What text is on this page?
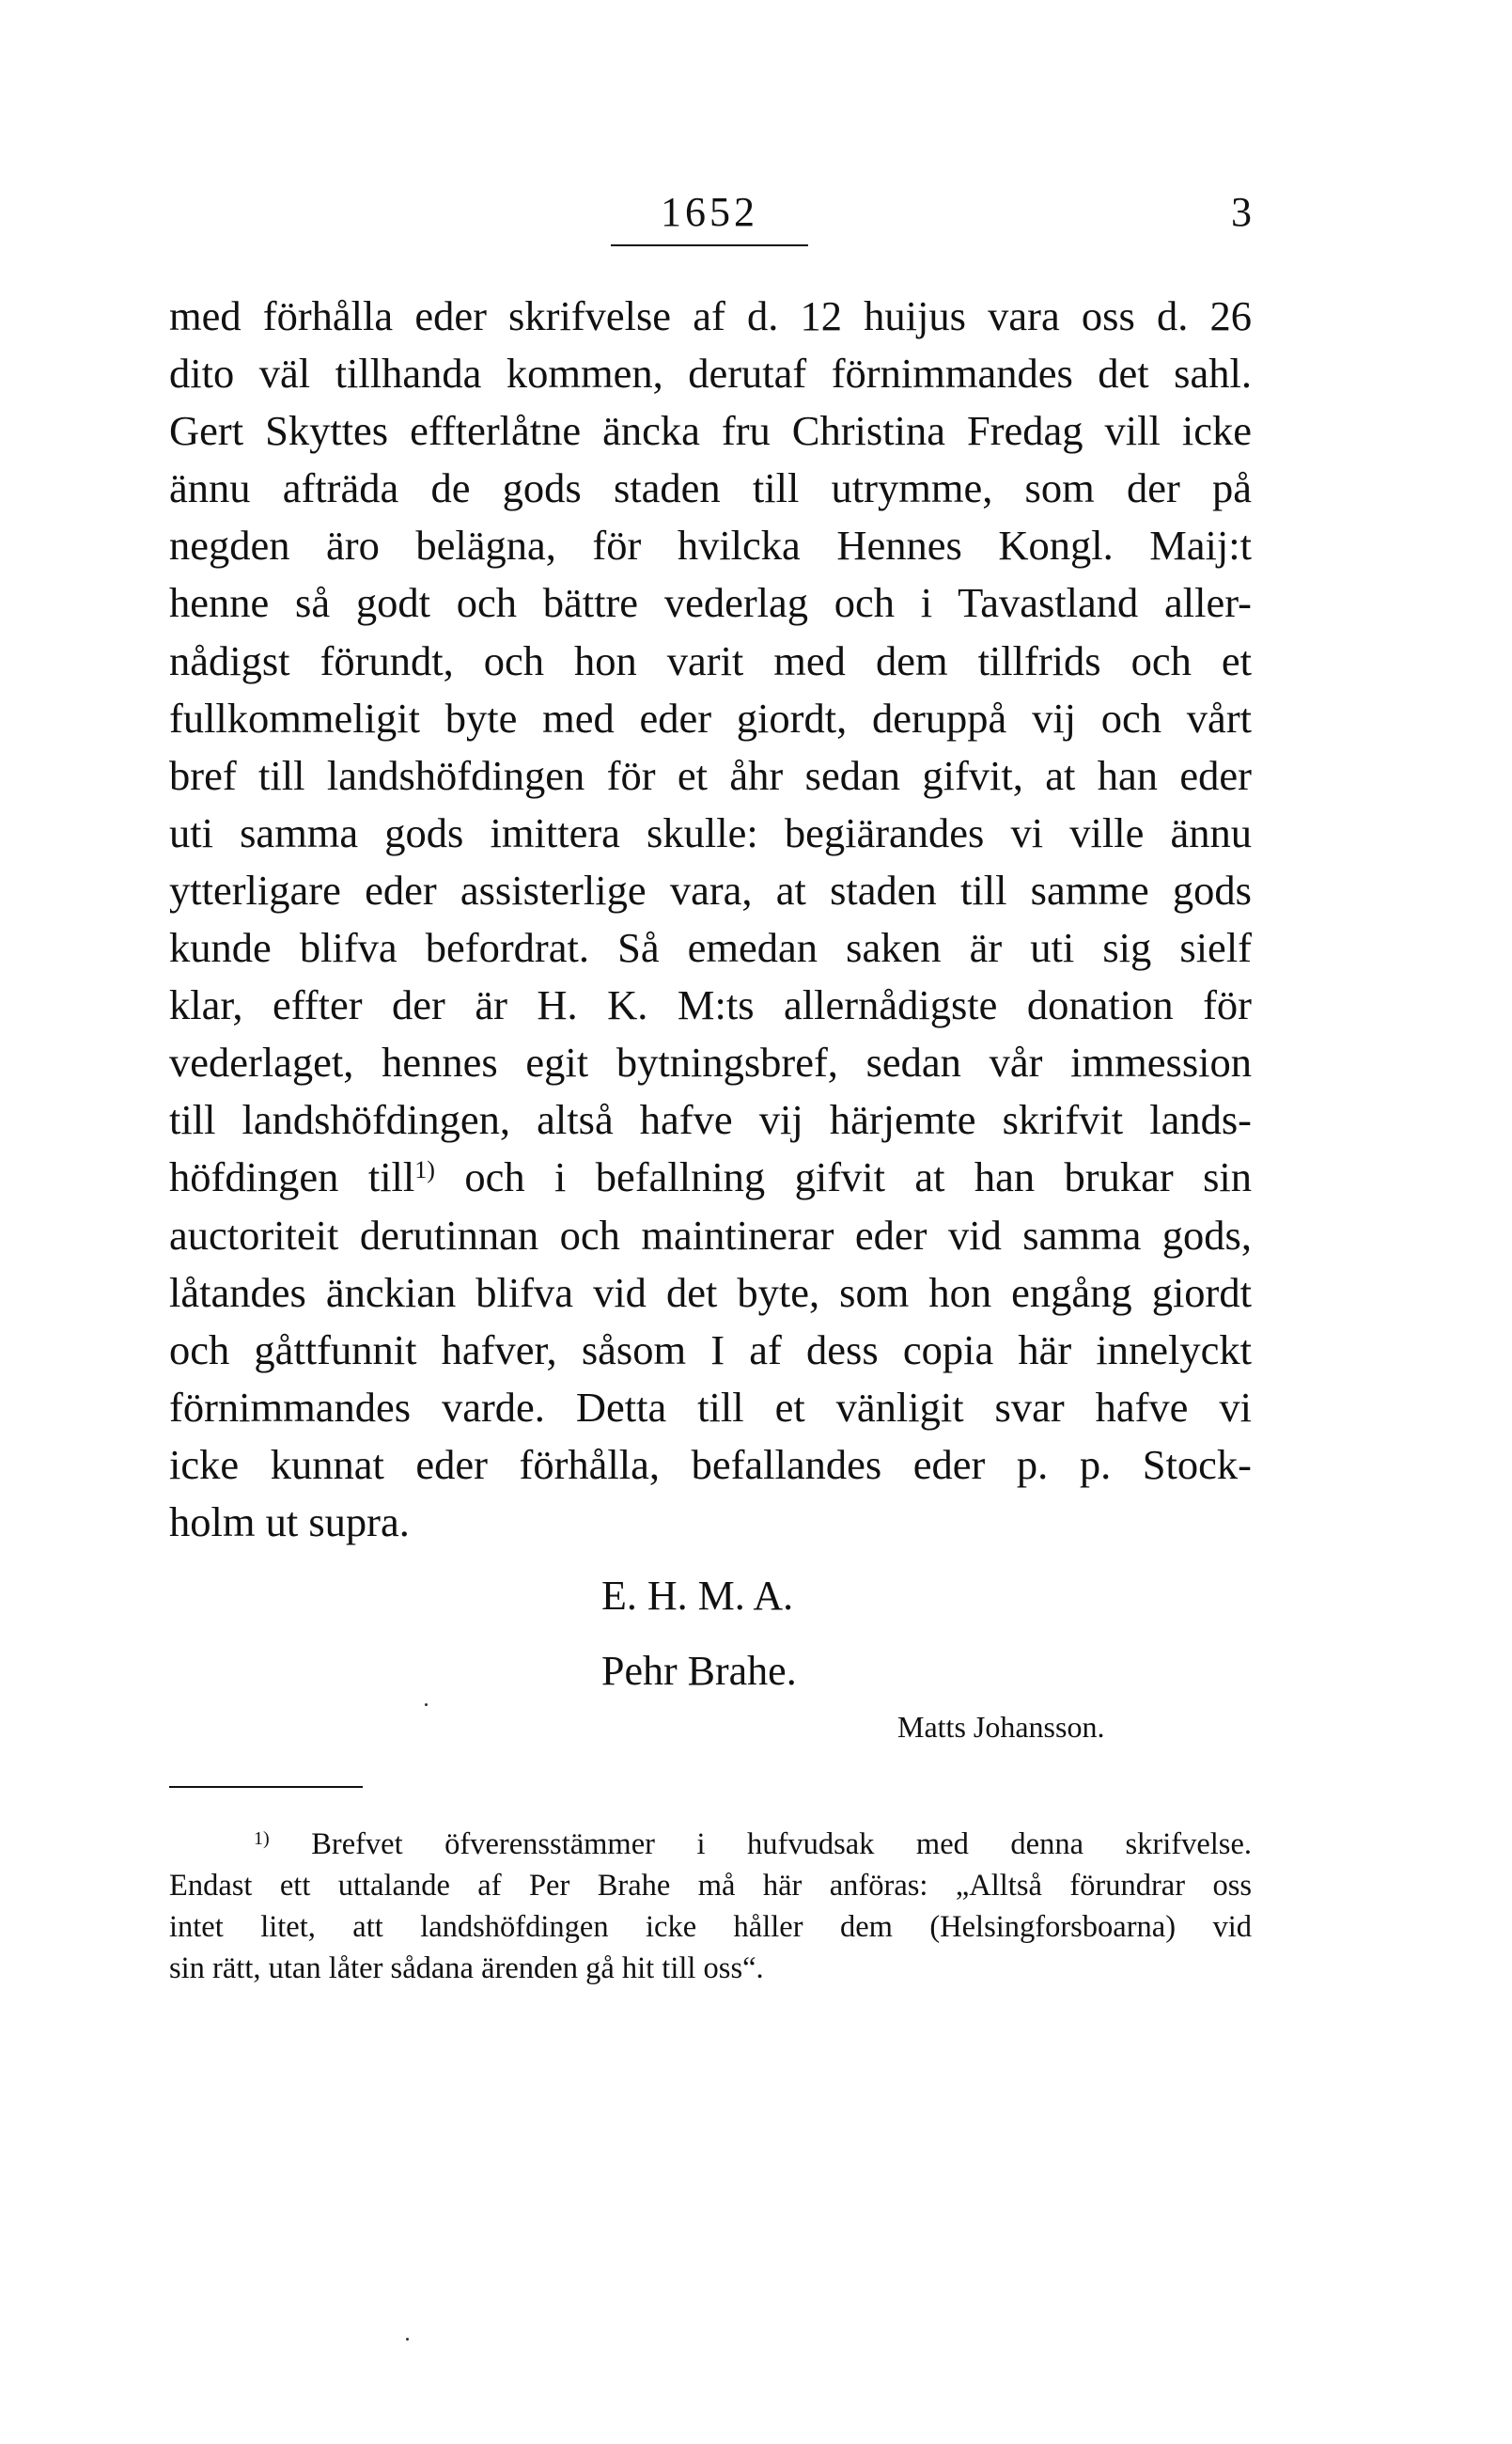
1652	3
med förhålla eder skrifvelse af d. 12 huijus vara oss d. 26
dito väl tillhanda kommen, derutaf förnimmandes det sahl.
Gert Skyttes effterlåtne äncka fru Christina Fredag vill icke
ännu afträda de gods staden till utrymme, som der på
negden äro belägna, för hvilcka Hennes Kongl. Maij:t
henne så godt och bättre vederlag och i Tavastland aller-
nådigst förundt, och hon varit med dem tillfrids och et
fullkommeligit byte med eder giordt, deruppå vij och vårt
bref till landshöfdingen för et åhr sedan gifvit, at han eder
uti samma gods imittera skulle: begiärandes vi ville ännu
ytterligare eder assisterlige vara, at staden till samme gods
kunde blifva befordrat. Så emedan saken är uti sig sielf
klar, effter der är H. K. M:ts allernådigste donation för
vederlaget, hennes egit bytningsbref, sedan vår immession
till landshöfdingen, altså hafve vij härjemte skrifvit lands-
höfdingen till$^{1)}$ och i befallning gifvit at han brukar sin
auctoriteit derutinnan och maintinerar eder vid samma gods,
låtandes änckian blifva vid det byte, som hon engång giordt
och gåttfunnit hafver, såsom I af dess copia här innelyckt
förnimmandes varde. Detta till et vänligit svar hafve vi
icke kunnat eder förhålla, befallandes eder p. p. Stock-
holm ut supra.
E. H. M. A.
Pehr Brahe.
Matts Johansson.
$^{1)}$ Brefvet öfverensstämmer i hufvudsak med denna skrifvelse.
Endast ett uttalande af Per Brahe må här anföras: „Alltså förundrar oss
intet litet, att landshöfdingen icke håller dem (Helsingforsboarna) vid
sin rätt, utan låter sådana ärenden gå hit till oss“.
